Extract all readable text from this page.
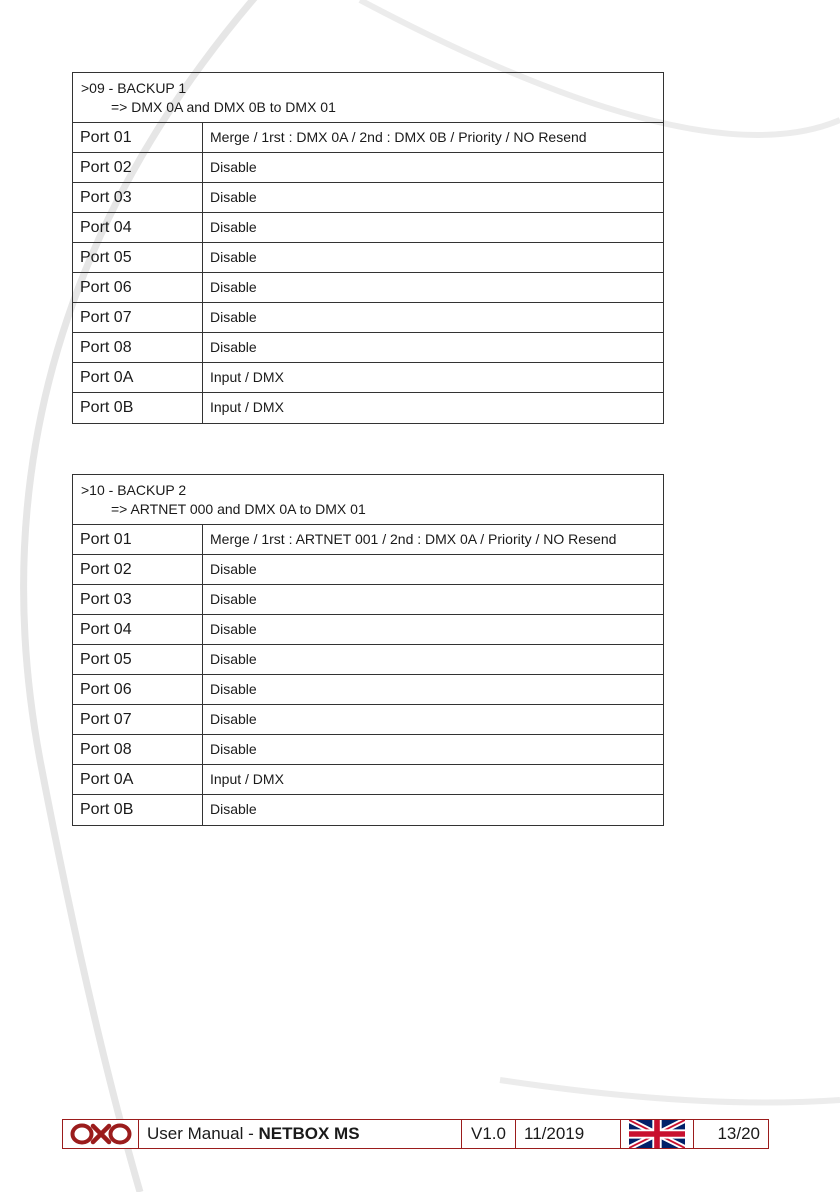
>09 - BACKUP 1
=> DMX 0A and DMX 0B to DMX 01
Port 01	Merge / 1rst : DMX 0A / 2nd : DMX 0B / Priority / NO Resend
Port 02	Disable
Port 03	Disable
Port 04	Disable
Port 05	Disable
Port 06	Disable
Port 07	Disable
Port 08	Disable
Port 0A	Input / DMX
Port 0B	Input / DMX
>10 - BACKUP 2
=> ARTNET 000 and DMX 0A to DMX 01
Port 01	Merge / 1rst : ARTNET 001 / 2nd : DMX 0A / Priority / NO Resend
Port 02	Disable
Port 03	Disable
Port 04	Disable
Port 05	Disable
Port 06	Disable
Port 07	Disable
Port 08	Disable
Port 0A	Input / DMX
Port 0B	Disable
User Manual - NETBOX MS	V1.0	11/2019	13/20
